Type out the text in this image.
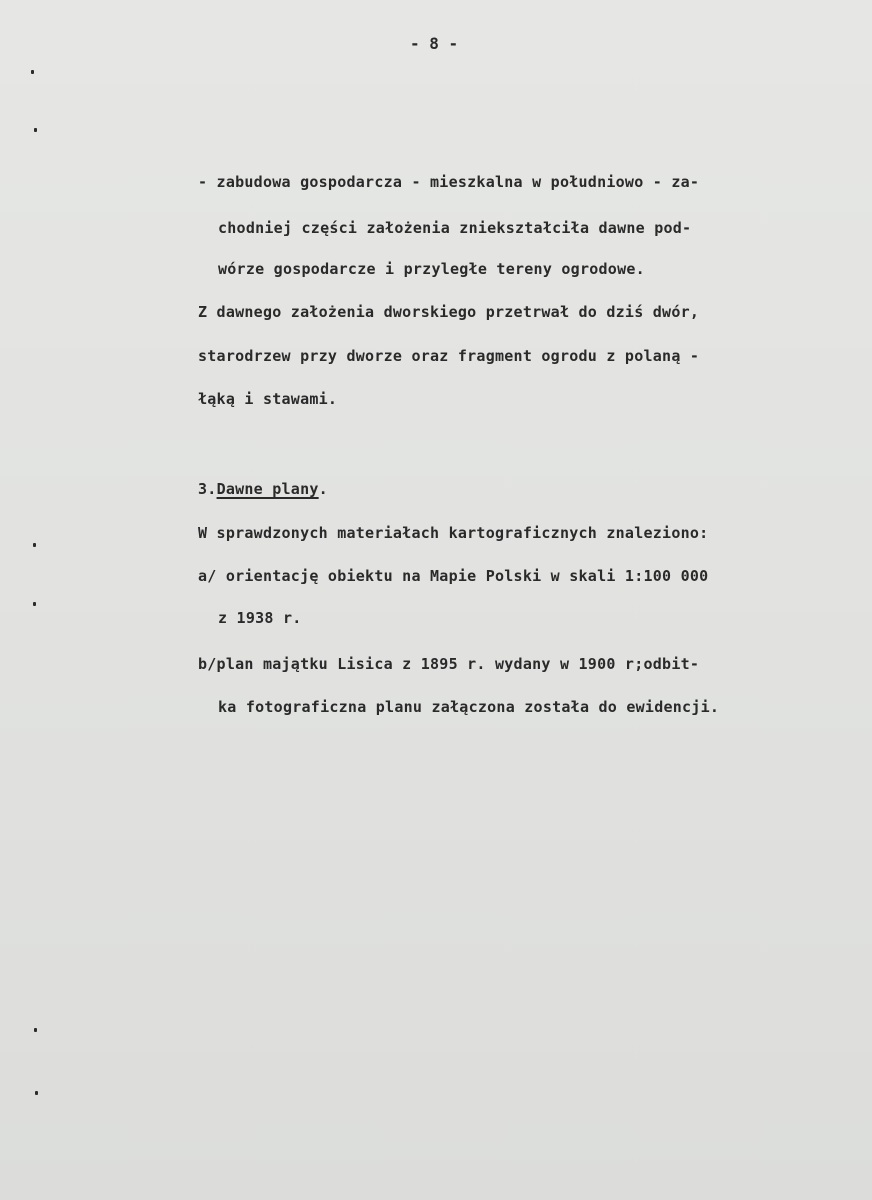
- 8 -
- zabudowa gospodarcza - mieszkalna w południowo - za-
chodniej części założenia zniekształciła dawne pod-
wórze gospodarcze i przyległe tereny ogrodowe.
Z dawnego założenia dworskiego przetrwał do dziś dwór,
starodrzew przy dworze oraz fragment ogrodu z polaną -
łąką i stawami.
3.Dawne plany.
W sprawdzonych materiałach kartograficznych znaleziono:
a/ orientację obiektu na Mapie Polski w skali 1:100 000
z 1938 r.
b/plan majątku Lisica z 1895 r. wydany w 1900 r;odbit-
ka fotograficzna planu załączona została do ewidencji.
